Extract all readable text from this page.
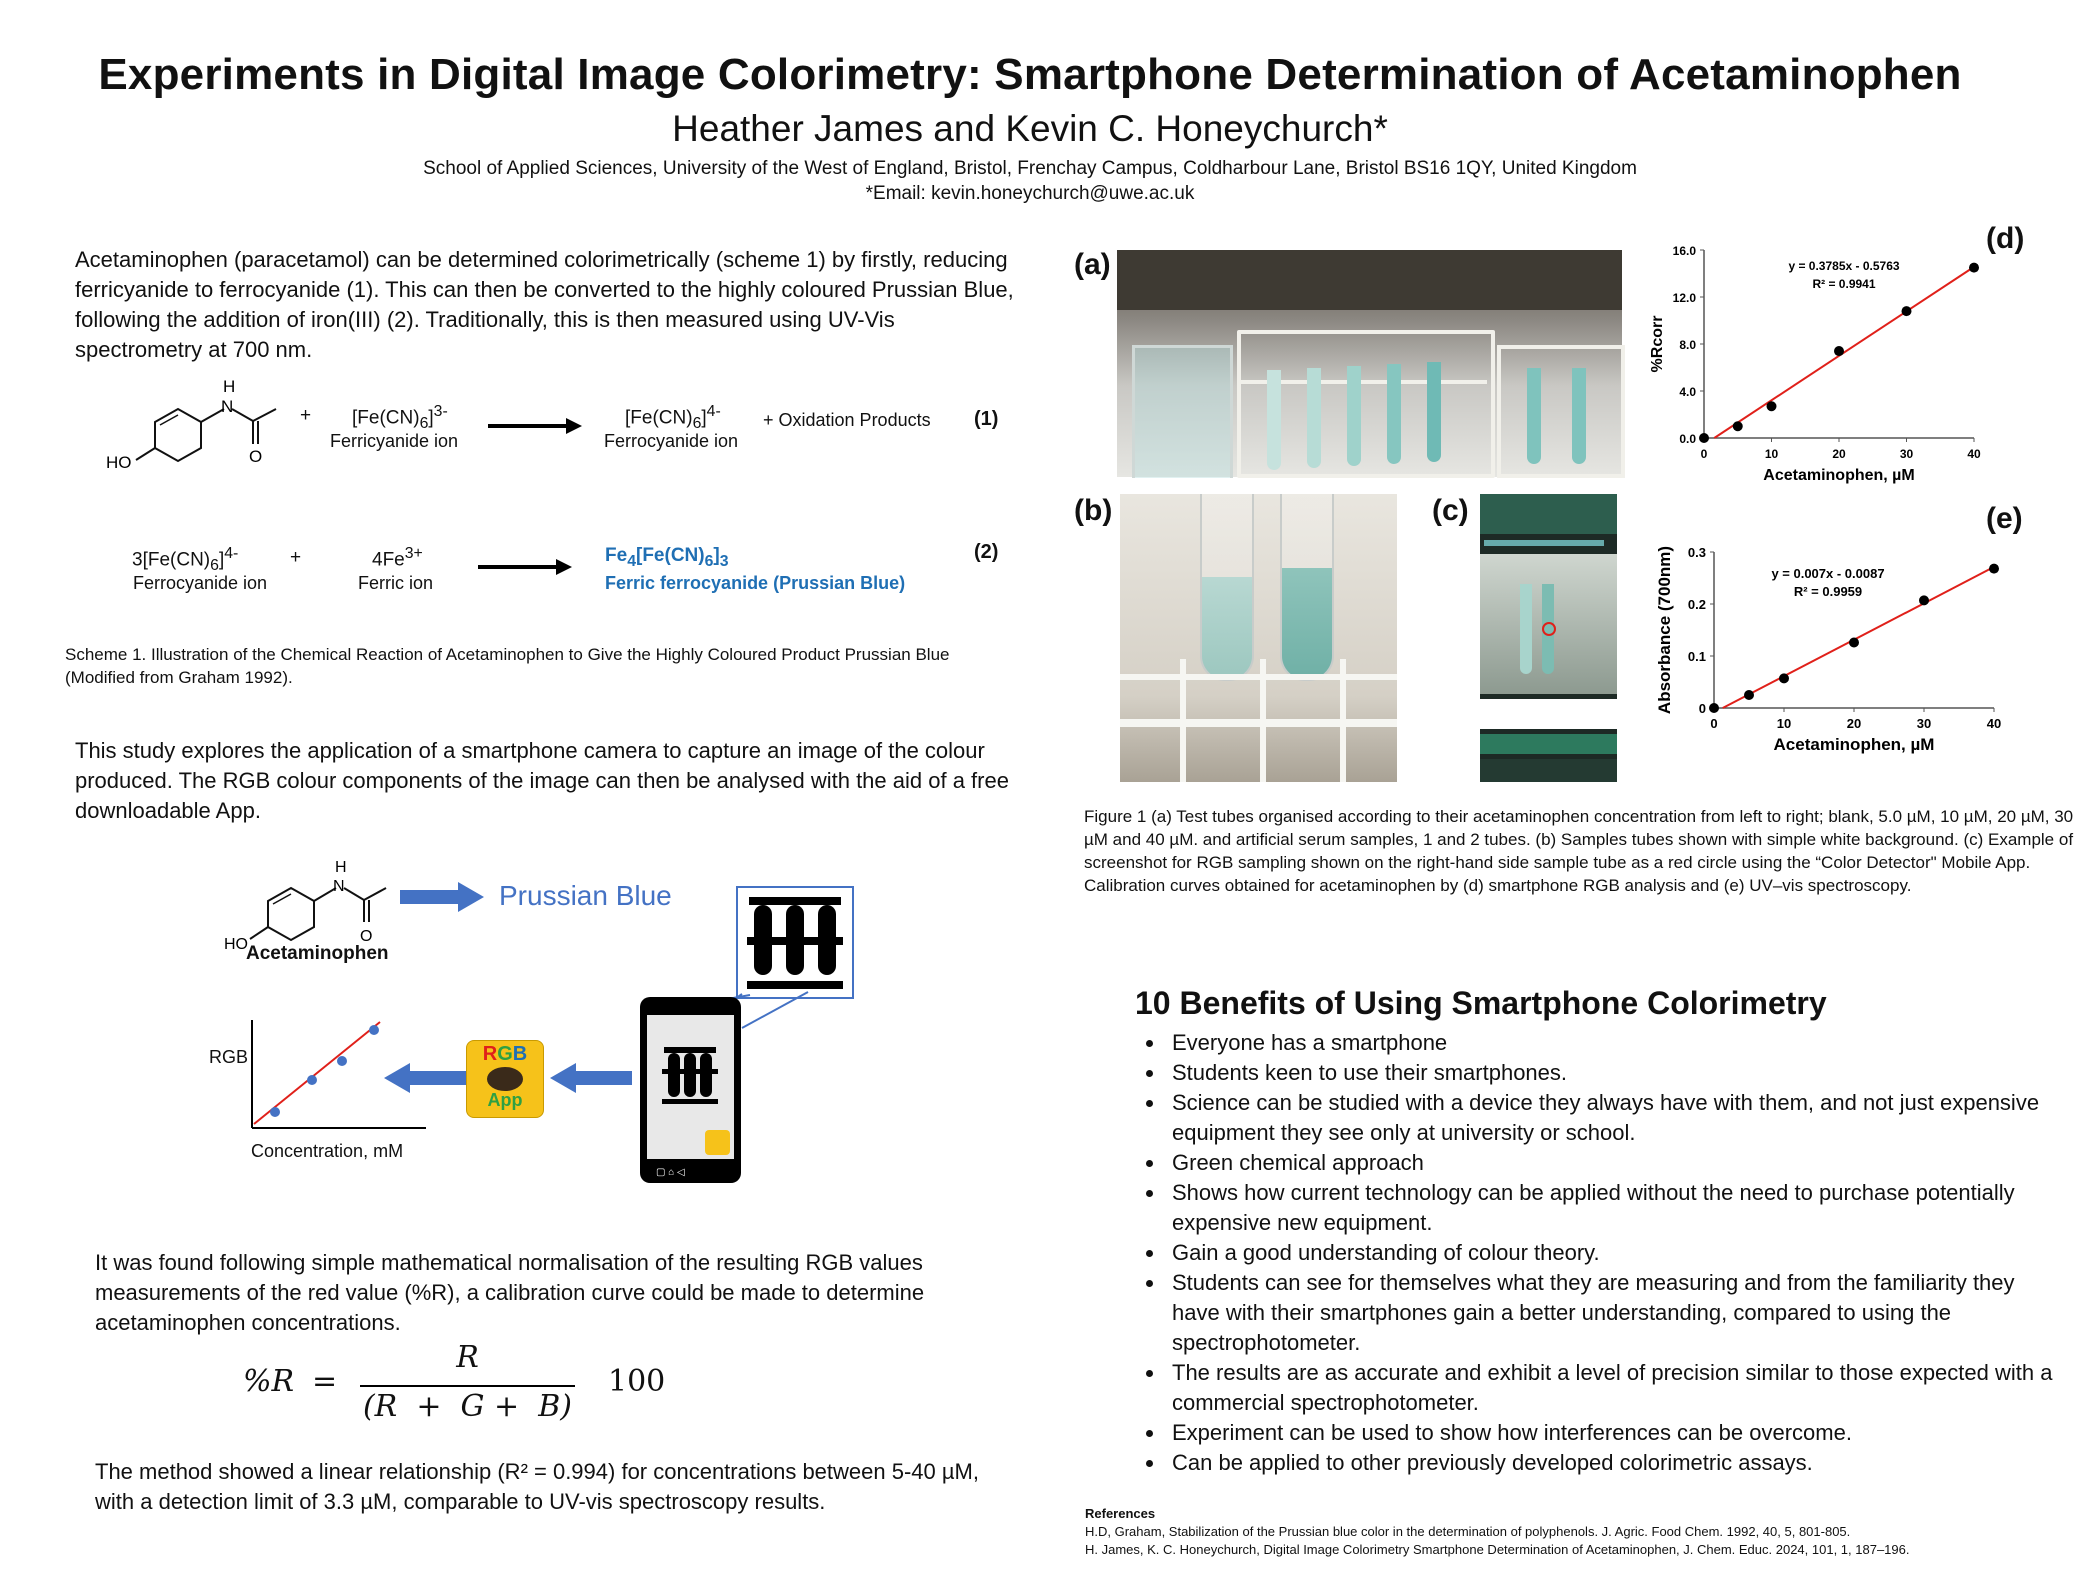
Experiments in Digital Image Colorimetry: Smartphone Determination of Acetaminophen
Heather James and Kevin C. Honeychurch*
School of Applied Sciences, University of the West of England, Bristol, Frenchay Campus, Coldharbour Lane, Bristol BS16 1QY, United Kingdom
*Email: kevin.honeychurch@uwe.ac.uk
Acetaminophen (paracetamol) can be determined colorimetrically (scheme 1) by firstly, reducing ferricyanide to ferrocyanide (1). This can then be converted to the highly coloured Prussian Blue, following the addition of iron(III) (2). Traditionally, this is then measured using UV-Vis spectrometry at 700 nm.
H
N
O
HO
+ $[Fe(CN)_6]^{3-}$
Ferricyanide ion
$[Fe(CN)_6]^{4-}$
Ferrocyanide ion
+ Oxidation Products (1)
$3[Fe(CN)_6]^{4-}$
Ferrocyanide ion
+	$4Fe^{3+}$
Ferric ion
$Fe_4[Fe(CN)_6]_3$
Ferric ferrocyanide (Prussian Blue)
(2)
Scheme 1. Illustration of the Chemical Reaction of Acetaminophen to Give the Highly Coloured Product Prussian Blue (Modified from Graham 1992).
This study explores the application of a smartphone camera to capture an image of the colour produced. The RGB colour components of the image can then be analysed with the aid of a free downloadable App.
H
N
O
HO
Acetaminophen
Prussian Blue
▢ ⌂ ◁
RGB
App
RGB
Concentration, mM
It was found following simple mathematical normalisation of the resulting RGB values measurements of the red value (%R), a calibration curve could be made to determine acetaminophen concentrations.
%R =
R
(R  +  G +  B)
100
The method showed a linear relationship (R² = 0.994) for concentrations between 5-40 µM, with a detection limit of 3.3 µM, comparable to UV-vis spectroscopy results.
(a)
(b)	(c)
(d)
0.0
4.0
8.0
12.0
16.0
0	10	20	30	40
Acetaminophen, µM
%Rcorr
y = 0.3785x - 0.5763
R² = 0.9941
(e)
0
0.1
0.2
0.3
0	10	20	30	40
Acetaminophen, µM
Absorbance (700nm)	y = 0.007x - 0.0087
R² = 0.9959
Figure 1 (a) Test tubes organised according to their acetaminophen concentration from left to right; blank, 5.0 µM, 10 µM, 20 µM, 30 µM and 40 µM. and artificial serum samples, 1 and 2 tubes. (b) Samples tubes shown with simple white background. (c) Example of screenshot for RGB sampling shown on the right-hand side sample tube as a red circle using the “Color Detector" Mobile App. Calibration curves obtained for acetaminophen by (d) smartphone RGB analysis and (e) UV–vis spectroscopy.
10 Benefits of Using Smartphone Colorimetry
• Everyone has a smartphone
• Students keen to use their smartphones.
• Science can be studied with a device they always have with them, and not just expensive equipment they see only at university or school.
• Green chemical approach
• Shows how current technology can be applied without the need to purchase potentially expensive new equipment.
• Gain a good understanding of colour theory.
• Students can see for themselves what they are measuring and from the familiarity they have with their smartphones gain a better understanding, compared to using the spectrophotometer.
• The results are as accurate and exhibit a level of precision similar to those expected with a commercial spectrophotometer.
• Experiment can be used to show how interferences can be overcome.
• Can be applied to other previously developed colorimetric assays.
References
H.D, Graham, Stabilization of the Prussian blue color in the determination of polyphenols. J. Agric. Food Chem. 1992, 40, 5, 801-805.
H. James, K. C. Honeychurch, Digital Image Colorimetry Smartphone Determination of Acetaminophen, J. Chem. Educ. 2024, 101, 1, 187–196.
